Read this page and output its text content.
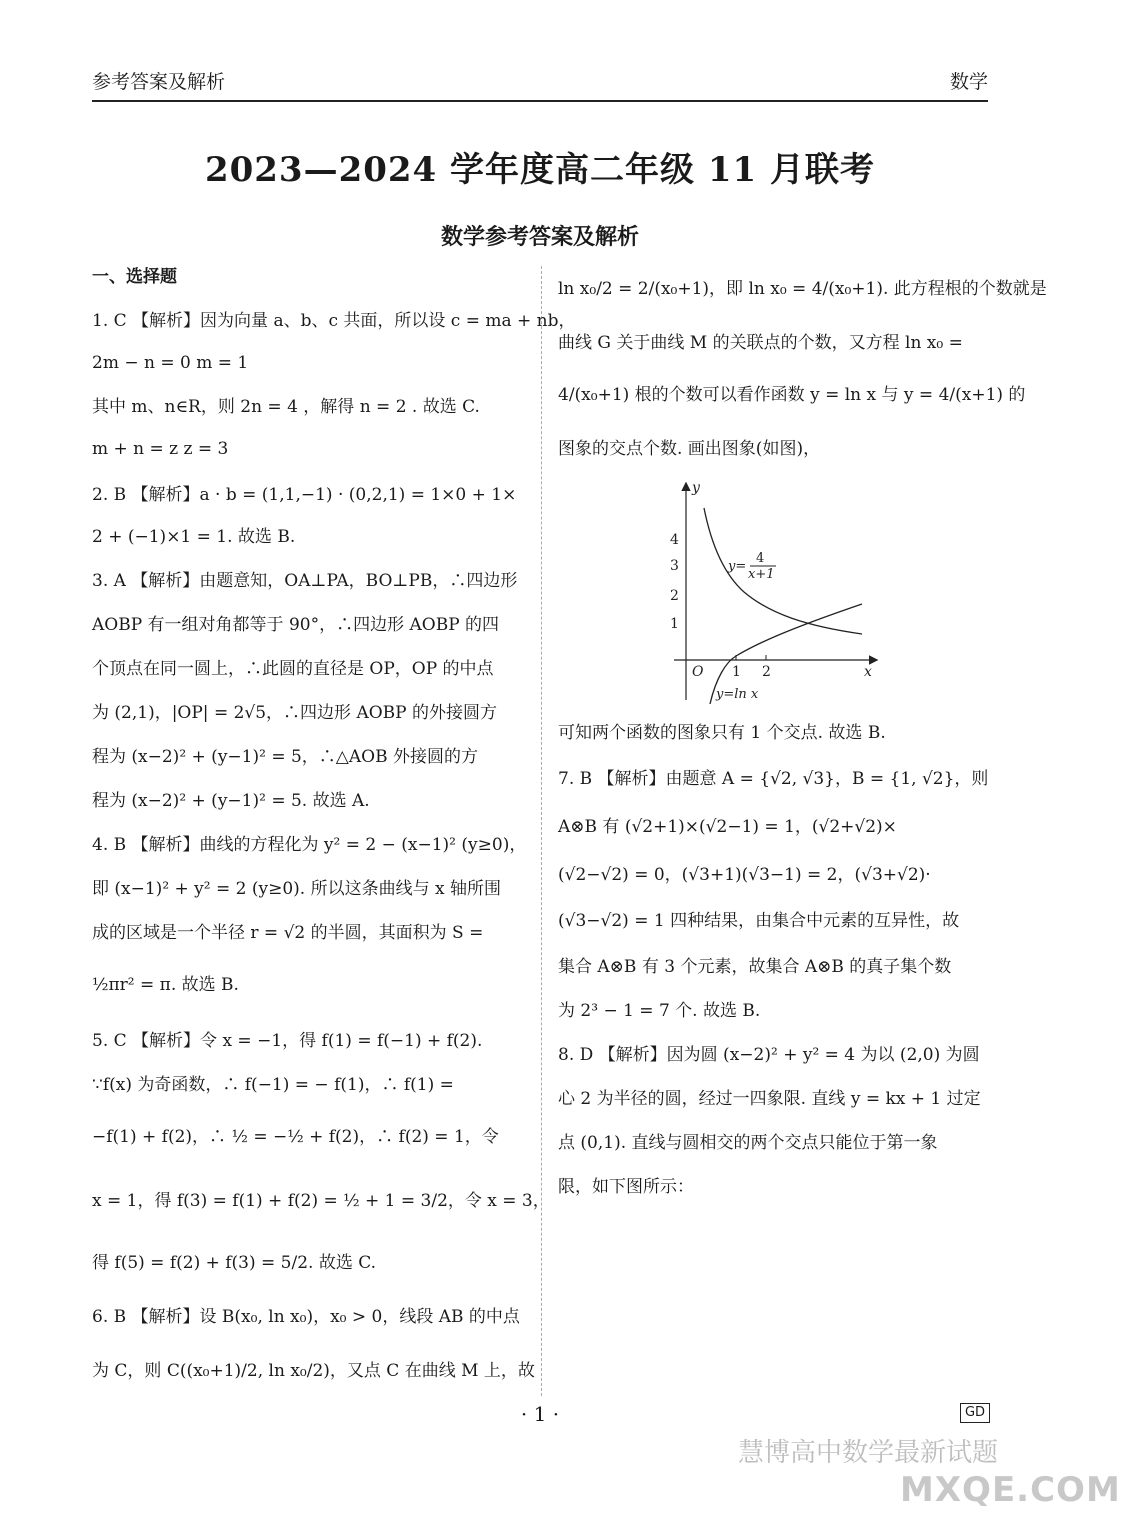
参考答案及解析	数学
2023—2024 学年度高二年级 11 月联考
数学参考答案及解析

一、选择题

1. C 【解析】因为向量 a、b、c 共面，所以设 c = ma + nb，

2m − n = 0 m = 1

其中 m、n∈R，则 2n = 4 ，解得 n = 2 . 故选 C.

m + n = z z = 3

2. B 【解析】a · b = (1,1,−1) · (0,2,1) = 1×0 + 1×

2 + (−1)×1 = 1. 故选 B.

3. A 【解析】由题意知，OA⊥PA，BO⊥PB，∴四边形

AOBP 有一组对角都等于 90°，∴四边形 AOBP 的四

个顶点在同一圆上，∴此圆的直径是 OP，OP 的中点

为 (2,1)，|OP| = 2√5，∴四边形 AOBP 的外接圆方

程为 (x−2)² + (y−1)² = 5，∴△AOB 外接圆的方

程为 (x−2)² + (y−1)² = 5. 故选 A.

4. B 【解析】曲线的方程化为 y² = 2 − (x−1)² (y≥0)，

即 (x−1)² + y² = 2 (y≥0). 所以这条曲线与 x 轴所围

成的区域是一个半径 r = √2 的半圆，其面积为 S =

½πr² = π. 故选 B.

5. C 【解析】令 x = −1，得 f(1) = f(−1) + f(2).

∵f(x) 为奇函数，∴ f(−1) = − f(1)，∴ f(1) =

−f(1) + f(2)，∴ ½ = −½ + f(2)，∴ f(2) = 1，令

x = 1，得 f(3) = f(1) + f(2) = ½ + 1 = 3/2，令 x = 3，

得 f(5) = f(2) + f(3) = 5/2. 故选 C.

6. B 【解析】设 B(x₀, ln x₀)，x₀ > 0，线段 AB 的中点

为 C，则 C((x₀+1)/2, ln x₀/2)，又点 C 在曲线 M 上，故

ln x₀/2 = 2/(x₀+1)，即 ln x₀ = 4/(x₀+1). 此方程根的个数就是

曲线 G 关于曲线 M 的关联点的个数，又方程 ln x₀ =

4/(x₀+1) 根的个数可以看作函数 y = ln x 与 y = 4/(x+1) 的

图象的交点个数. 画出图象(如图)，

可知两个函数的图象只有 1 个交点. 故选 B.

7. B 【解析】由题意 A = {√2, √3}，B = {1, √2}，则

A⊗B 有 (√2+1)×(√2−1) = 1，(√2+√2)×

(√2−√2) = 0，(√3+1)(√3−1) = 2，(√3+√2)·

(√3−√2) = 1 四种结果，由集合中元素的互异性，故

集合 A⊗B 有 3 个元素，故集合 A⊗B 的真子集个数

为 2³ − 1 = 7 个. 故选 B.

8. D 【解析】因为圆 (x−2)² + y² = 4 为以 (2,0) 为圆

心 2 为半径的圆，经过一四象限. 直线 y = kx + 1 过定

点 (0,1). 直线与圆相交的两个交点只能位于第一象

限，如下图所示：

y
x
O
4
3
2
1
1 2
y=
4
x+1
y=ln x
· 1 ·	GD
慧博高中数学最新试题
MXQE.COM
